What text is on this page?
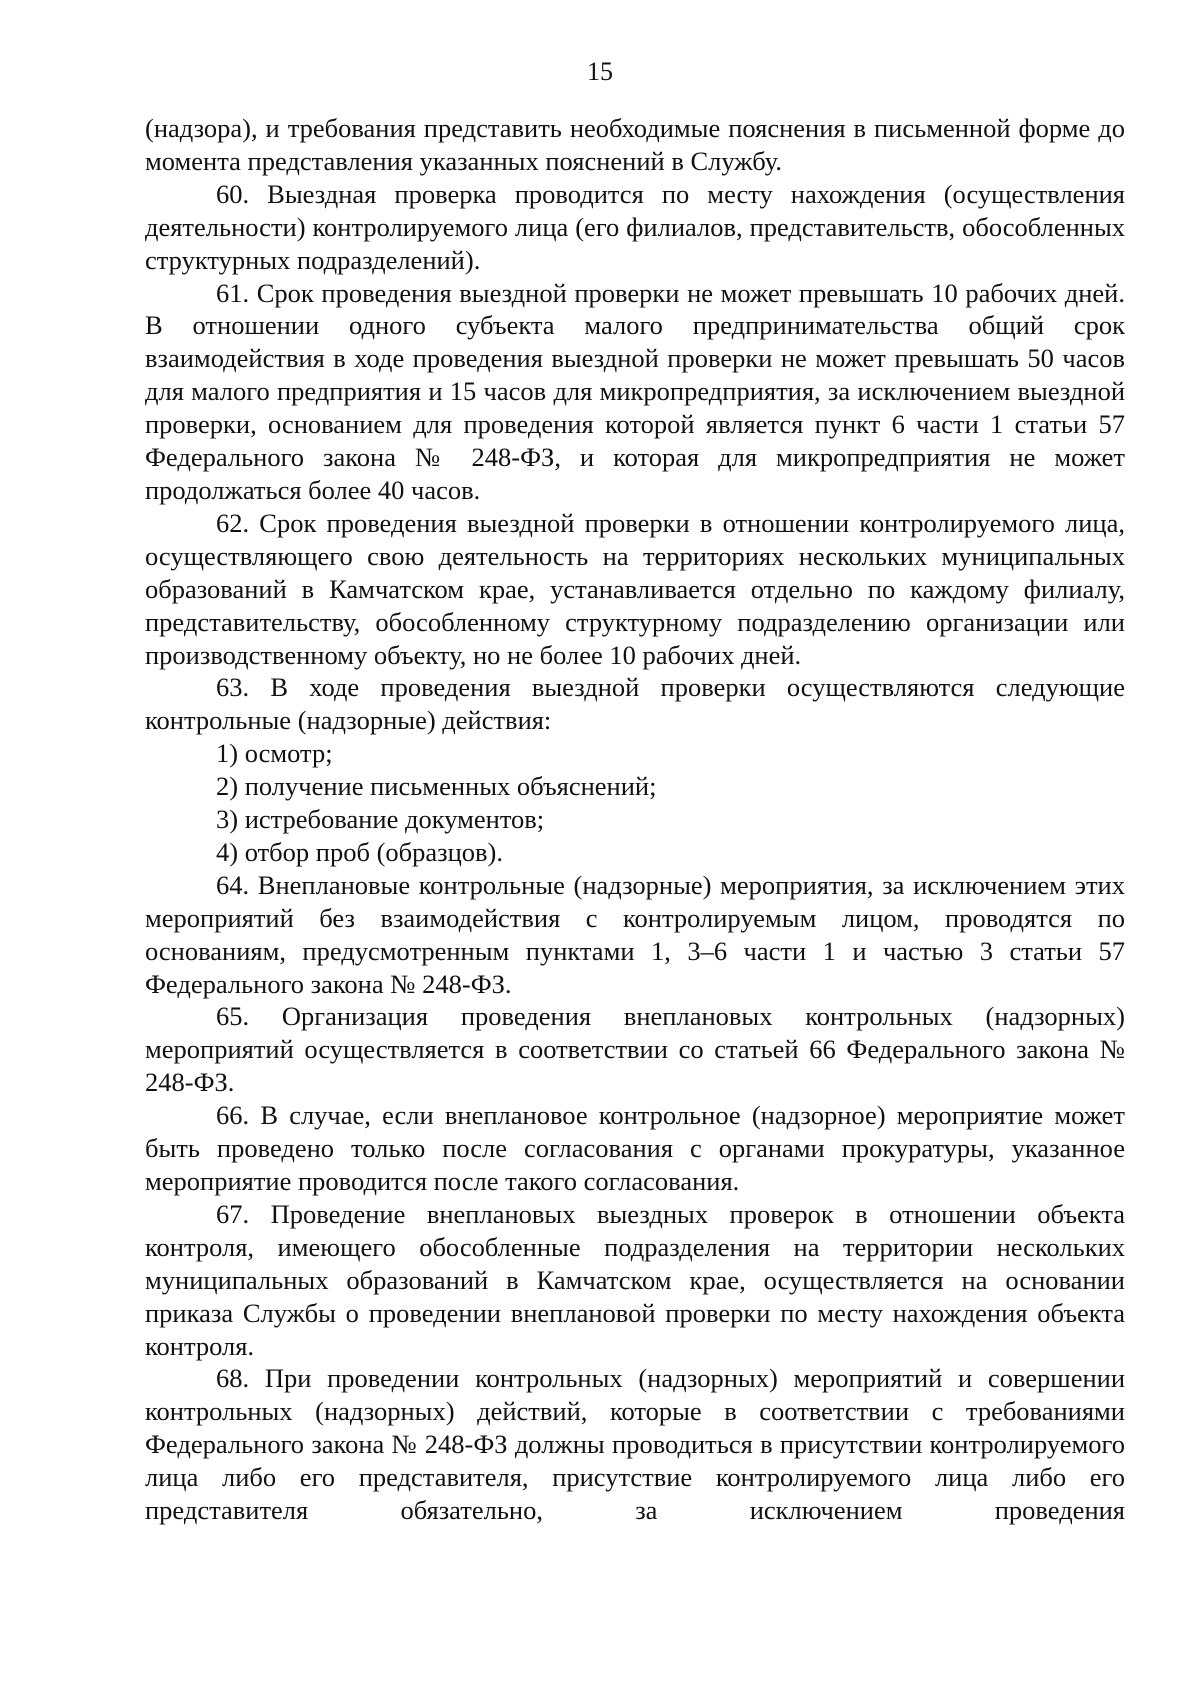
15

(надзора), и требования представить необходимые пояснения в письменной форме до момента представления указанных пояснений в Службу.

60. Выездная проверка проводится по месту нахождения (осуществления деятельности) контролируемого лица (его филиалов, представительств, обособленных структурных подразделений).

61. Срок проведения выездной проверки не может превышать 10 рабочих дней. В отношении одного субъекта малого предпринимательства общий срок взаимодействия в ходе проведения выездной проверки не может превышать 50 часов для малого предприятия и 15 часов для микропредприятия, за исключением выездной проверки, основанием для проведения которой является пункт 6 части 1 статьи 57 Федерального закона № 248-ФЗ, и которая для микропредприятия не может продолжаться более 40 часов.

62. Срок проведения выездной проверки в отношении контролируемого лица, осуществляющего свою деятельность на территориях нескольких муниципальных образований в Камчатском крае, устанавливается отдельно по каждому филиалу, представительству, обособленному структурному подразделению организации или производственному объекту, но не более 10 рабочих дней.

63. В ходе проведения выездной проверки осуществляются следующие контрольные (надзорные) действия:

1) осмотр;

2) получение письменных объяснений;

3) истребование документов;

4) отбор проб (образцов).

64. Внеплановые контрольные (надзорные) мероприятия, за исключением этих мероприятий без взаимодействия с контролируемым лицом, проводятся по основаниям, предусмотренным пунктами 1, 3–6 части 1 и частью 3 статьи 57 Федерального закона № 248-ФЗ.

65. Организация проведения внеплановых контрольных (надзорных) мероприятий осуществляется в соответствии со статьей 66 Федерального закона № 248-ФЗ.

66. В случае, если внеплановое контрольное (надзорное) мероприятие может быть проведено только после согласования с органами прокуратуры, указанное мероприятие проводится после такого согласования.

67. Проведение внеплановых выездных проверок в отношении объекта контроля, имеющего обособленные подразделения на территории нескольких муниципальных образований в Камчатском крае, осуществляется на основании приказа Службы о проведении внеплановой проверки по месту нахождения объекта контроля.

68. При проведении контрольных (надзорных) мероприятий и совершении контрольных (надзорных) действий, которые в соответствии с требованиями Федерального закона № 248-ФЗ должны проводиться в присутствии контролируемого лица либо его представителя, присутствие контролируемого лица либо его представителя обязательно, за исключением проведения
